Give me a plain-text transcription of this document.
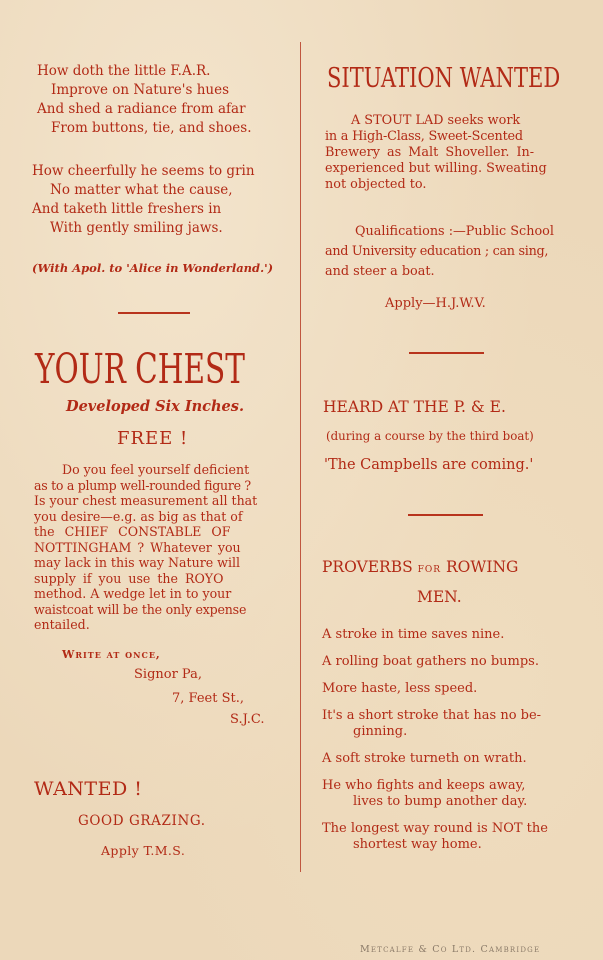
How doth the little F.A.R.
Improve on Nature's hues
And shed a radiance from afar
From buttons, tie, and shoes.
How cheerfully he seems to grin
No matter what the cause,
And taketh little freshers in
With gently smiling jaws.
(With Apol. to 'Alice in Wonderland.')
YOUR CHEST
Developed Six Inches.
FREE !
Do you feel yourself deficient
as to a plump well-rounded figure ?
Is your chest measurement all that
you desire—e.g. as big as that of
the CHIEF CONSTABLE OF
NOTTINGHAM ? Whatever you
may lack in this way Nature will
supply if you use the ROYO
method. A wedge let in to your
waistcoat will be the only expense
entailed.
Write at once,
Signor Pa,
7, Feet St.,
S.J.C.
WANTED !
GOOD GRAZING.
Apply T.M.S.
SITUATION WANTED
A STOUT LAD seeks work
in a High-Class, Sweet-Scented
Brewery as Malt Shoveller. In-
experienced but willing. Sweating
not objected to.
Qualifications :—Public School
and University education ; can sing,
and steer a boat.
Apply—H.J.W.V.
HEARD AT THE P. & E.
(during a course by the third boat)
'The Campbells are coming.'
PROVERBS for ROWING
MEN.
A stroke in time saves nine.
A rolling boat gathers no bumps.
More haste, less speed.
It's a short stroke that has no be-
ginning.
A soft stroke turneth on wrath.
He who fights and keeps away,
lives to bump another day.
The longest way round is NOT the
shortest way home.
Metcalfe & Co Ltd. Cambridge
